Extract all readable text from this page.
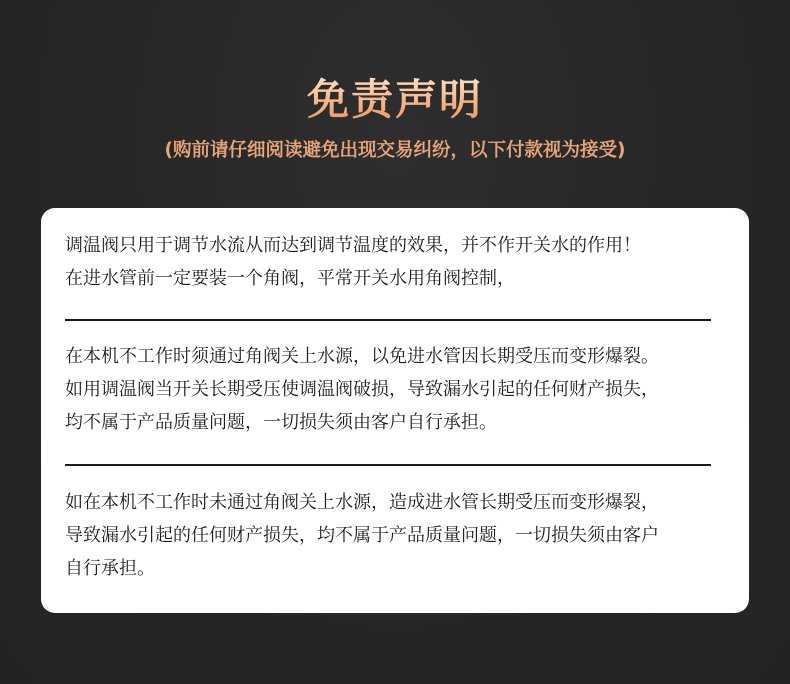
免责声明
(购前请仔细阅读避免出现交易纠纷，以下付款视为接受)
调温阀只用于调节水流从而达到调节温度的效果，并不作开关水的作用！
在进水管前一定要装一个角阀，平常开关水用角阀控制，
在本机不工作时须通过角阀关上水源，以免进水管因长期受压而变形爆裂。
如用调温阀当开关长期受压使调温阀破损，导致漏水引起的任何财产损失，
均不属于产品质量问题，一切损失须由客户自行承担。
如在本机不工作时未通过角阀关上水源，造成进水管长期受压而变形爆裂，
导致漏水引起的任何财产损失，均不属于产品质量问题，一切损失须由客户
自行承担。
